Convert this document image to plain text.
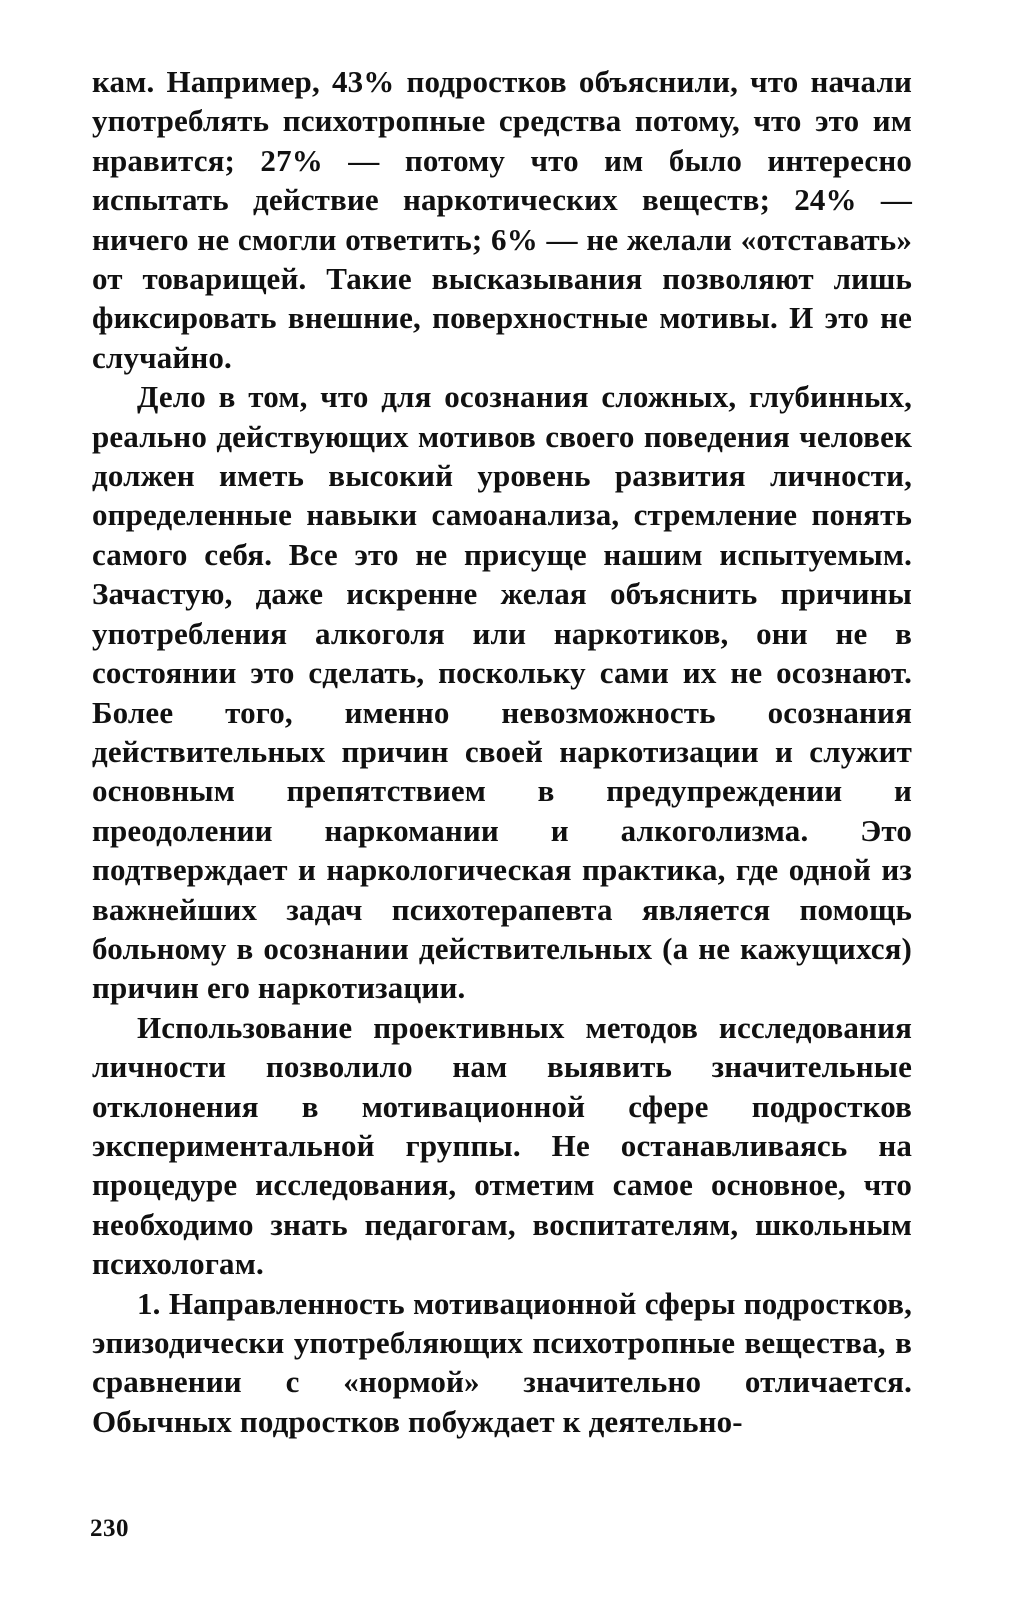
кам. Например, 43% подростков объяснили, что начали употреблять психотропные средства потому, что это им нравится; 27% — потому что им было интересно испытать действие наркотических веществ; 24% — ничего не смогли ответить; 6% — не желали «отставать» от товарищей. Такие высказывания позволяют лишь фиксировать внешние, поверхностные мотивы. И это не случайно.

Дело в том, что для осознания сложных, глубинных, реально действующих мотивов своего поведения человек должен иметь высокий уровень развития личности, определенные навыки самоанализа, стремление понять самого себя. Все это не присуще нашим испытуемым. Зачастую, даже искренне желая объяснить причины употребления алкоголя или наркотиков, они не в состоянии это сделать, поскольку сами их не осознают. Более того, именно невозможность осознания действительных причин своей наркотизации и служит основным препятствием в предупреждении и преодолении наркомании и алкоголизма. Это подтверждает и наркологическая практика, где одной из важнейших задач психотерапевта является помощь больному в осознании действительных (а не кажущихся) причин его наркотизации.

Использование проективных методов исследования личности позволило нам выявить значительные отклонения в мотивационной сфере подростков экспериментальной группы. Не останавливаясь на процедуре исследования, отметим самое основное, что необходимо знать педагогам, воспитателям, школьным психологам.

1. Направленность мотивационной сферы подростков, эпизодически употребляющих психотропные вещества, в сравнении с «нормой» значительно отличается. Обычных подростков побуждает к деятельно-

230
